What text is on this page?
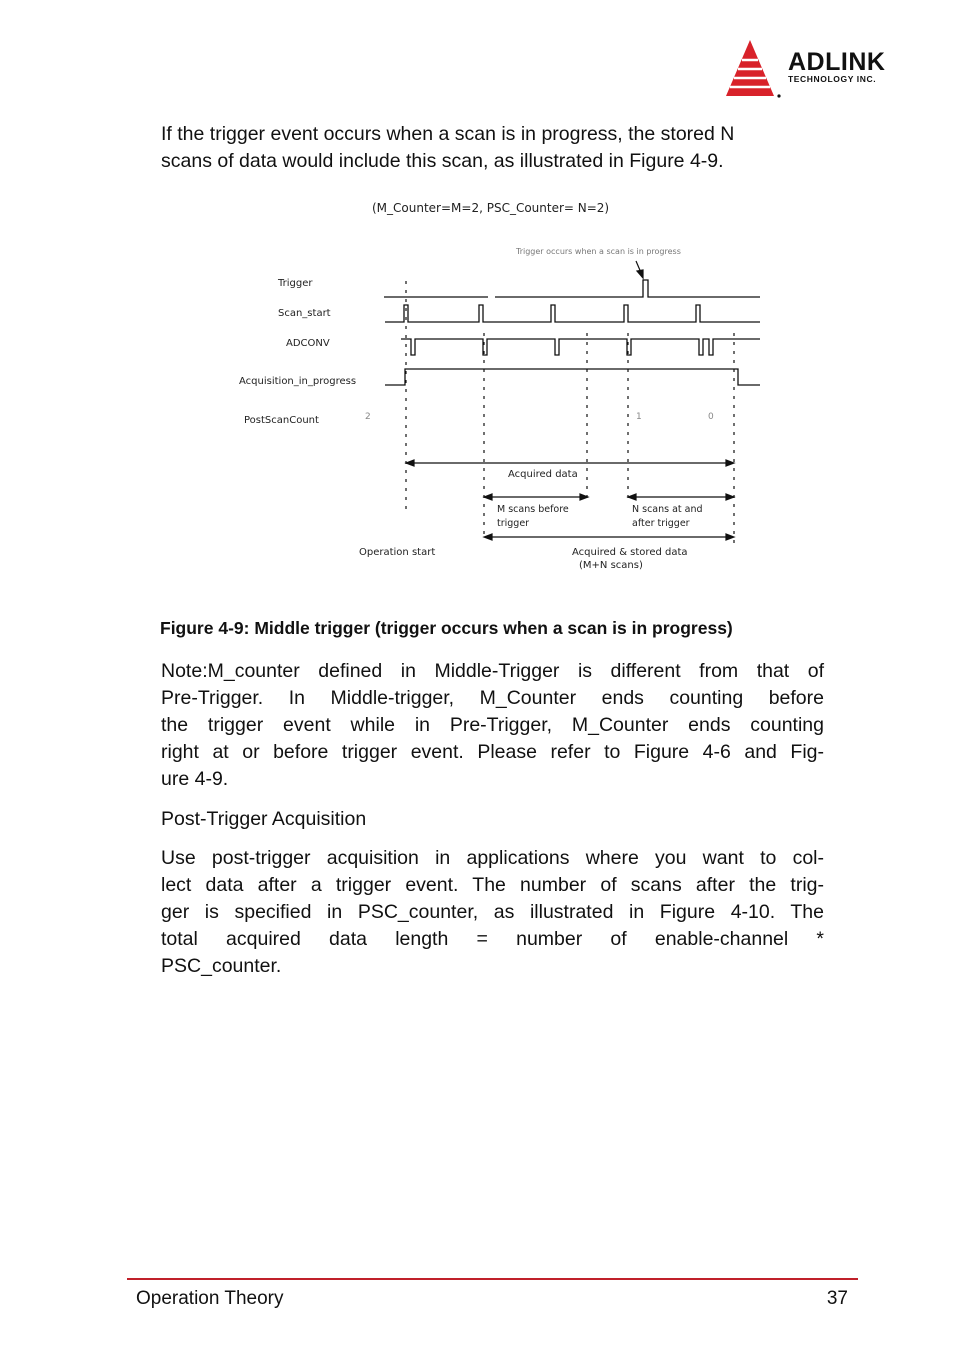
ADLINK
TECHNOLOGY INC.
If the trigger event occurs when a scan is in progress, the stored N
scans of data would include this scan, as illustrated in Figure 4-9.
(M_Counter=M=2, PSC_Counter= N=2)
Trigger occurs when a scan is in progress
Trigger
Scan_start
ADCONV
Acquisition_in_progress
PostScanCount	2	1	0
Acquired data
M scans before
trigger
N scans at and
after trigger
Operation start	Acquired & stored data
(M+N scans)
Figure 4-9: Middle trigger (trigger occurs when a scan is in progress)
Note:M_counter defined in Middle-Trigger is different from that of
Pre-Trigger. In Middle-trigger, M_Counter ends counting before
the trigger event while in Pre-Trigger, M_Counter ends counting
right at or before trigger event. Please refer to Figure 4-6 and Fig-
ure 4-9.
Post-Trigger Acquisition
Use post-trigger acquisition in applications where you want to col-
lect data after a trigger event. The number of scans after the trig-
ger is specified in PSC_counter, as illustrated in Figure 4-10. The
total acquired data length = number of enable-channel *
PSC_counter.
Operation Theory	37
